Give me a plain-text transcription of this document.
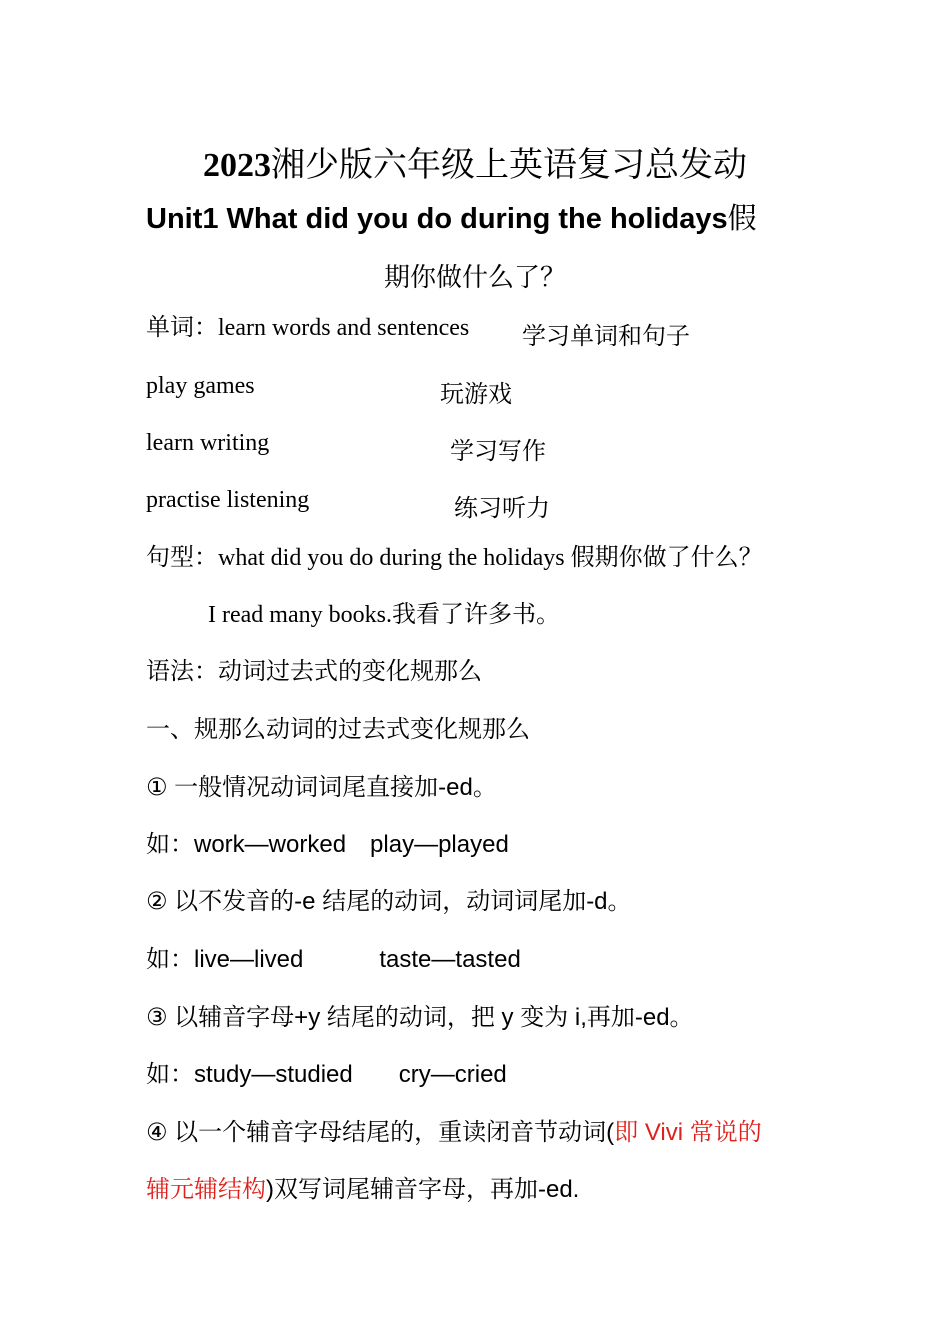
2023湘少版六年级上英语复习总发动
Unit1 What did you do during the holidays假
期你做什么了？
单词：learn words and sentences 学习单词和句子
play games	玩游戏
learn writing	学习写作
practise listening	练习听力
句型：what did you do during the holidays 假期你做了什么？
I read many books.我看了许多书。
语法：动词过去式的变化规那么
一、规那么动词的过去式变化规那么
① 一般情况动词词尾直接加-ed。
如：work—worked play—played
② 以不发音的-e 结尾的动词，动词词尾加-d。
如：live—lived	taste—tasted
③ 以辅音字母+y 结尾的动词，把 y 变为 i,再加-ed。
如：study—studied cry—cried
④ 以一个辅音字母结尾的，重读闭音节动词(即 Vivi 常说的
辅元辅结构)双写词尾辅音字母，再加-ed.
